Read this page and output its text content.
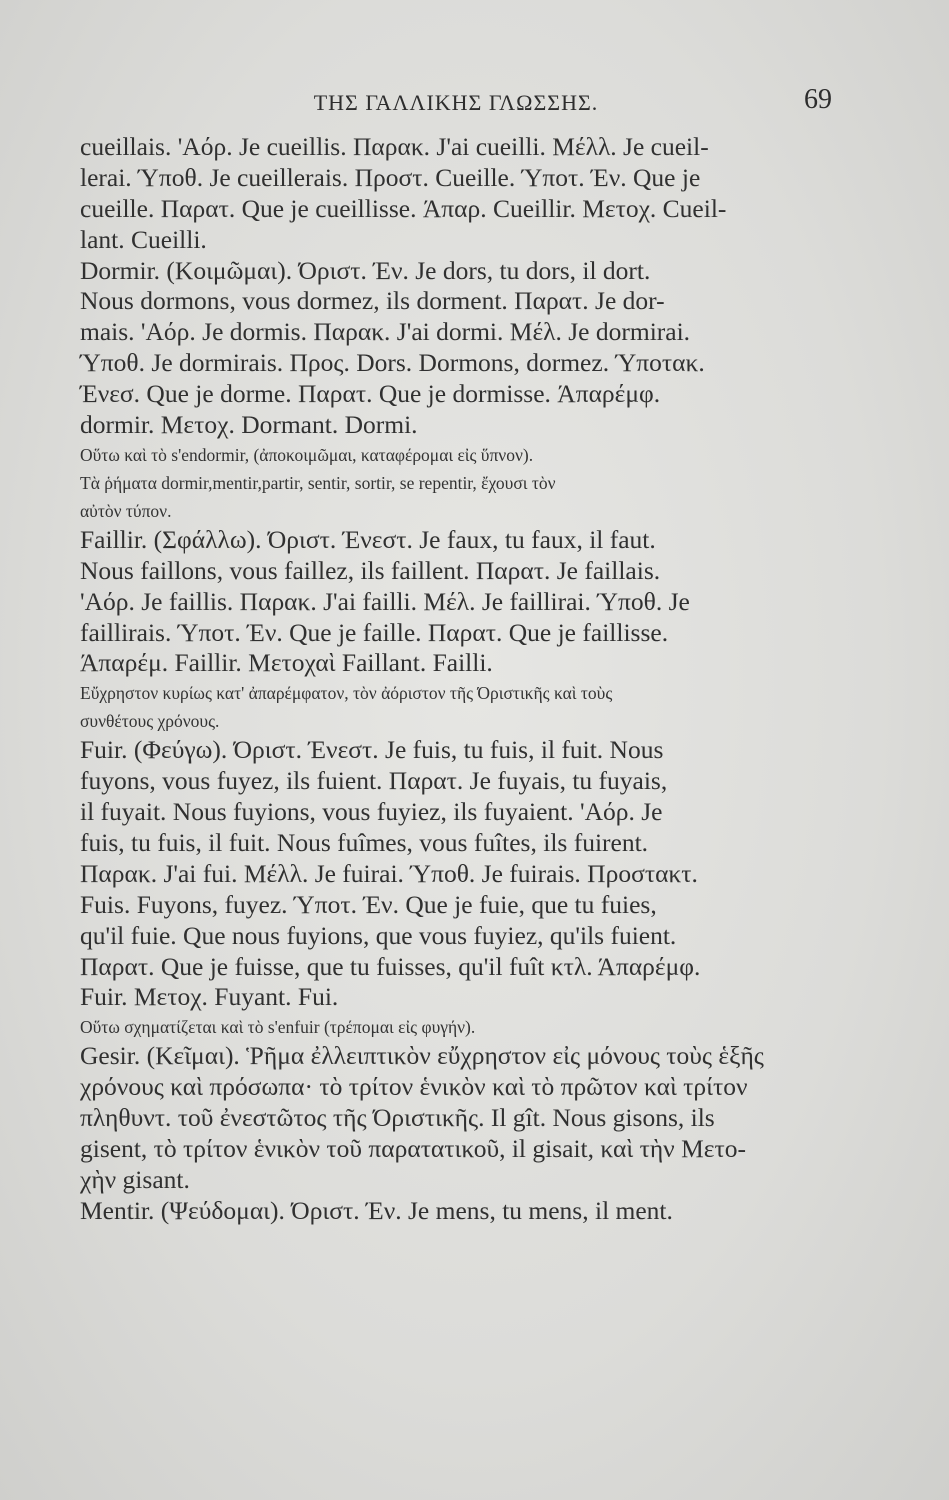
ΤΗΣ ΓΑΛΛΙΚΗΣ ΓΛΩΣΣΗΣ.	69
cueillais. 'Aόρ. Je cueillis. Παρακ. J'ai cueilli. Μέλλ. Je cueil-
lerai. Ύποθ. Je cueillerais. Προστ. Cueille. Ύποτ. Έν. Que je
cueille. Παρατ. Que je cueillisse. Άπαρ. Cueillir. Μετοχ. Cueil-
lant. Cueilli.
Dormir. (Κοιμῶμαι). Όριστ. Έν. Je dors, tu dors, il dort.
Nous dormons, vous dormez, ils dorment. Παρατ. Je dor-
mais. 'Aόρ. Je dormis. Παρακ. J'ai dormi. Μέλ. Je dormirai.
Ύποθ. Je dormirais. Προς. Dors. Dormons, dormez. Ύποτακ.
Ένεσ. Que je dorme. Παρατ. Que je dormisse. Άπαρέμφ.
dormir. Μετοχ. Dormant. Dormi.
Οὕτω καὶ τὸ s'endormir, (ἀποκοιμῶμαι, καταφέρομαι εἰς ὕπνον).
Τὰ ῥήματα dormir,mentir,partir, sentir, sortir, se repentir, ἔχουσι τὸν
αὐτὸν τύπον.
Faillir. (Σφάλλω). Όριστ. Ένεστ. Je faux, tu faux, il faut.
Nous faillons, vous faillez, ils faillent. Παρατ. Je faillais.
'Aόρ. Je faillis. Παρακ. J'ai failli. Μέλ. Je faillirai. Ύποθ. Je
faillirais. Ύποτ. Έν. Que je faille. Παρατ. Que je faillisse.
Άπαρέμ. Faillir. Μετοχαὶ Faillant. Failli.
Εὔχρηστον κυρίως κατ' ἀπαρέμφατον, τὸν ἀόριστον τῆς Όριστικῆς καὶ τοὺς
συνθέτους χρόνους.
Fuir. (Φεύγω). Όριστ. Ένεστ. Je fuis, tu fuis, il fuit. Nous
fuyons, vous fuyez, ils fuient. Παρατ. Je fuyais, tu fuyais,
il fuyait. Nous fuyions, vous fuyiez, ils fuyaient. 'Aόρ. Je
fuis, tu fuis, il fuit. Nous fuîmes, vous fuîtes, ils fuirent.
Παρακ. J'ai fui. Μέλλ. Je fuirai. Ύποθ. Je fuirais. Προστακτ.
Fuis. Fuyons, fuyez. Ύποτ. Έν. Que je fuie, que tu fuies,
qu'il fuie. Que nous fuyions, que vous fuyiez, qu'ils fuient.
Παρατ. Que je fuisse, que tu fuisses, qu'il fuît κτλ. Άπαρέμφ.
Fuir. Μετοχ. Fuyant. Fui.
Οὕτω σχηματίζεται καὶ τὸ s'enfuir (τρέπομαι εἰς φυγήν).
Gesir. (Κεῖμαι). Ῥῆμα ἐλλειπτικὸν εὔχρηστον εἰς μόνους τοὺς ἑξῆς
χρόνους καὶ πρόσωπα· τὸ τρίτον ἑνικὸν καὶ τὸ πρῶτον καὶ τρίτον
πληθυντ. τοῦ ἐνεστῶτος τῆς Όριστικῆς. Il gît. Nous gisons, ils
gisent, τὸ τρίτον ἑνικὸν τοῦ παρατατικοῦ, il gisait, καὶ τὴν Μετο-
χὴν gisant.
Mentir. (Ψεύδομαι). Όριστ. Έν. Je mens, tu mens, il ment.
